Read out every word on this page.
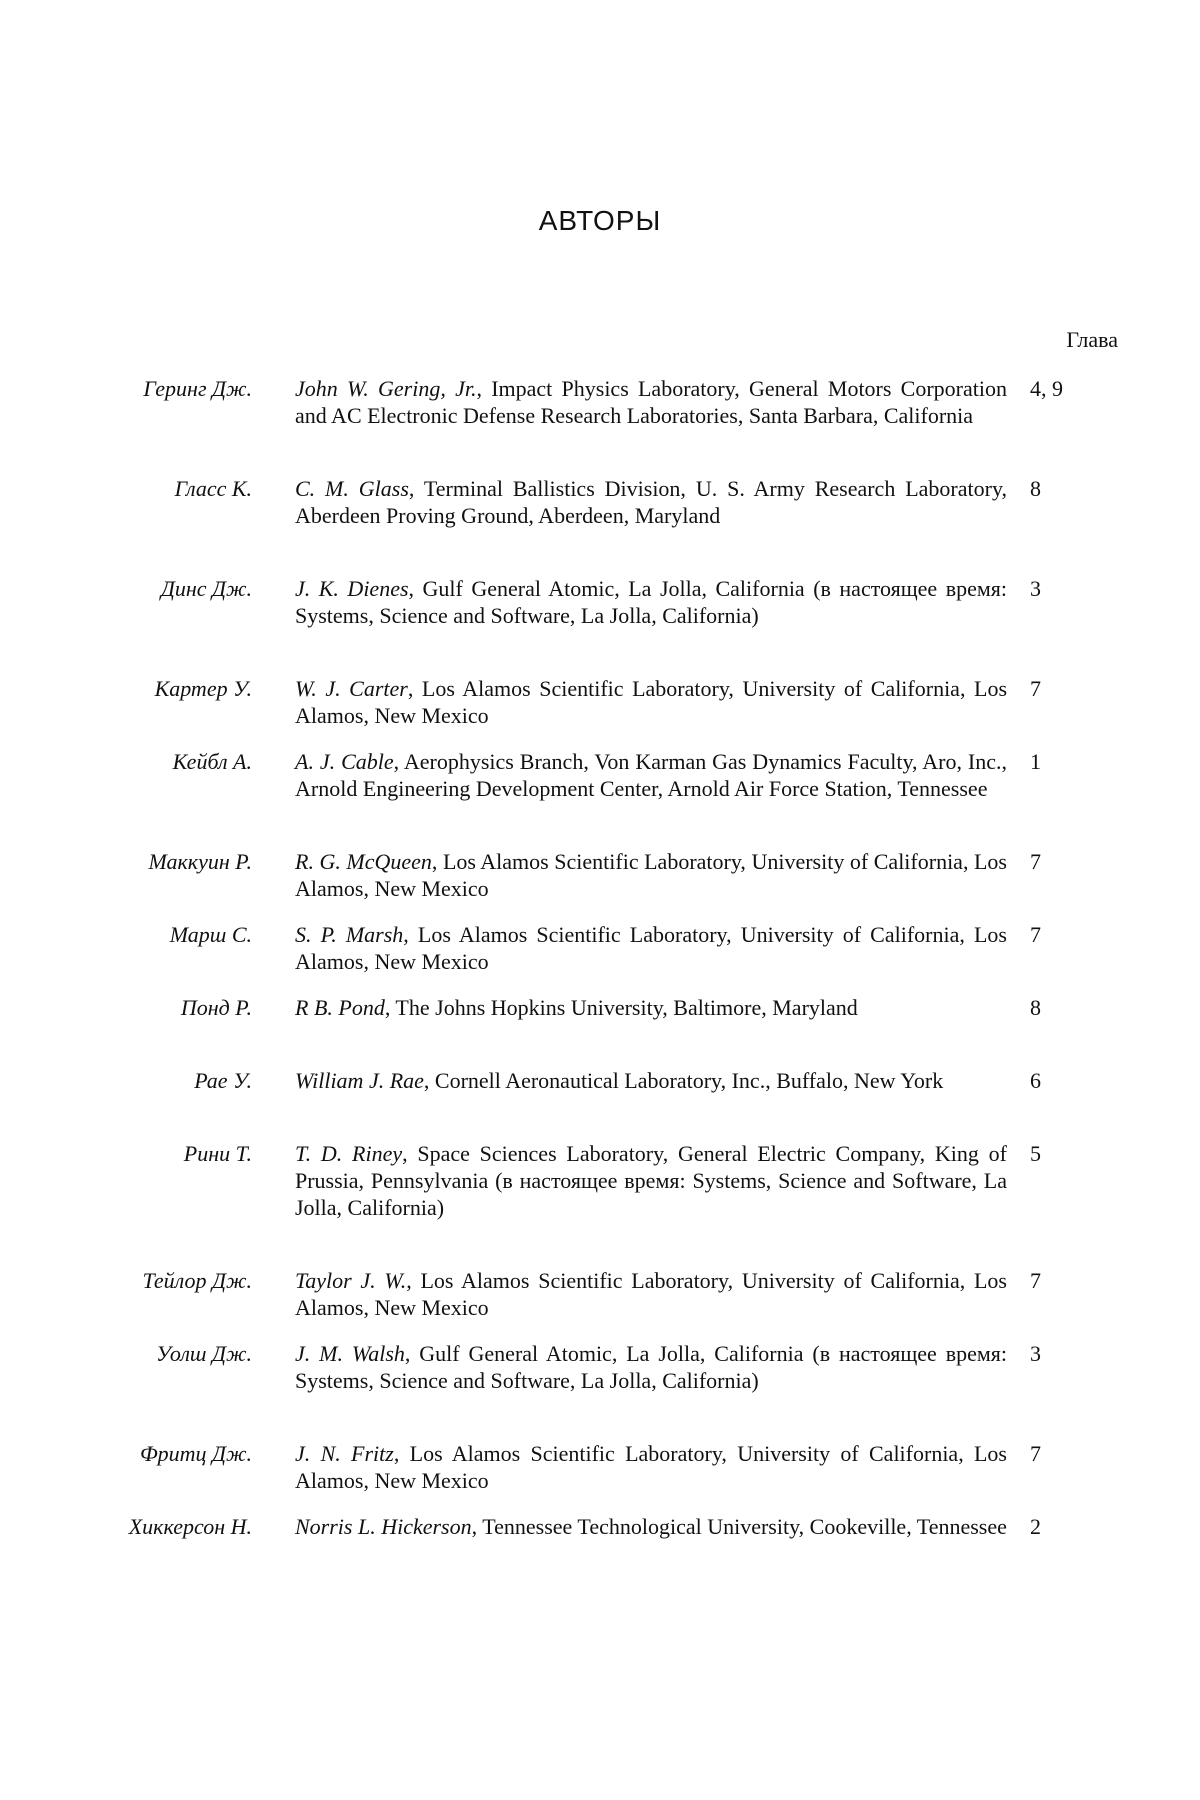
АВТОРЫ
Глава
Геринг Дж. John W. Gering, Jr., Impact Physics Laboratory, General Motors Corporation and AC Electronic Defense Research Laboratories, Santa Barbara, California
4, 9
Гласс К. C. M. Glass, Terminal Ballistics Division, U. S. Army Research Laboratory, Aberdeen Proving Ground, Aberdeen, Maryland
8
Динс Дж. J. K. Dienes, Gulf General Atomic, La Jolla, California (в настоящее время: Systems, Science and Software, La Jolla, California)
3
Картер У. W. J. Carter, Los Alamos Scientific Laboratory, University of California, Los Alamos, New Mexico
7
Кейбл А. A. J. Cable, Aerophysics Branch, Von Karman Gas Dynamics Faculty, Aro, Inc., Arnold Engineering Development Center, Arnold Air Force Station, Tennessee
1
Маккуин Р. R. G. McQueen, Los Alamos Scientific Laboratory, University of California, Los Alamos, New Mexico
7
Марш С. S. P. Marsh, Los Alamos Scientific Laboratory, University of California, Los Alamos, New Mexico
7
Понд Р. R B. Pond, The Johns Hopkins University, Baltimore, Maryland	8
Рае У. William J. Rae, Cornell Aeronautical Laboratory, Inc., Buffalo, New York	6
Рини Т. T. D. Riney, Space Sciences Laboratory, General Electric Company, King of Prussia, Pennsylvania (в настоящее время: Systems, Science and Software, La Jolla, California)
5
Тейлор Дж. Taylor J. W., Los Alamos Scientific Laboratory, University of California, Los Alamos, New Mexico
7
Уолш Дж. J. M. Walsh, Gulf General Atomic, La Jolla, California (в настоящее время: Systems, Science and Software, La Jolla, California)
3
Фритц Дж. J. N. Fritz, Los Alamos Scientific Laboratory, University of California, Los Alamos, New Mexico
7
Хиккерсон Н. Norris L. Hickerson, Tennessee Technological University, Cookeville, Tennessee 2
